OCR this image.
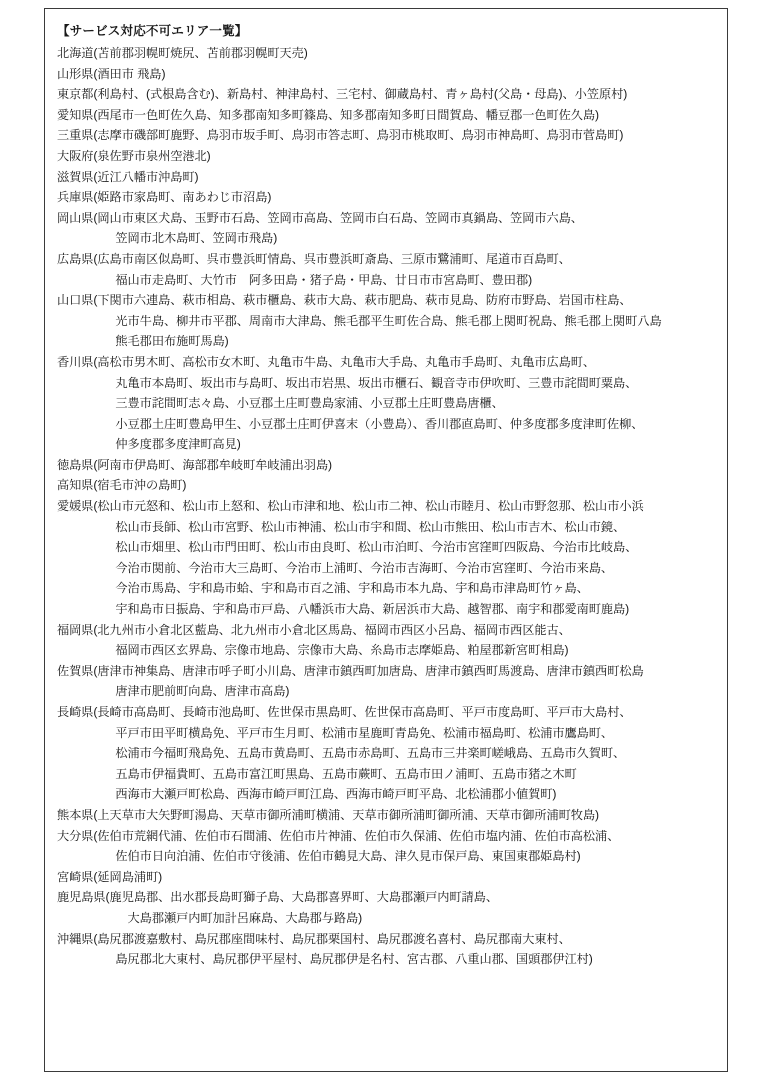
【サービス対応不可エリア一覧】
北海道(苫前郡羽幌町焼尻、苫前郡羽幌町天売)
山形県(酒田市 飛島)
東京都(利島村、(式根島含む)、新島村、神津島村、三宅村、御蔵島村、青ヶ島村(父島・母島)、小笠原村)
愛知県(西尾市一色町佐久島、知多郡南知多町篠島、知多郡南知多町日間賀島、幡豆郡一色町佐久島)
三重県(志摩市磯部町鹿野、鳥羽市坂手町、鳥羽市答志町、鳥羽市桃取町、鳥羽市神島町、鳥羽市菅島町)
大阪府(泉佐野市泉州空港北)
滋賀県(近江八幡市沖島町)
兵庫県(姫路市家島町、南あわじ市沼島)
岡山県(岡山市東区犬島、玉野市石島、笠岡市高島、笠岡市白石島、笠岡市真鍋島、笠岡市六島、
　　　笠岡市北木島町、笠岡市飛島)
広島県(広島市南区似島町、呉市豊浜町情島、呉市豊浜町斎島、三原市鷺浦町、尾道市百島町、
　　　福山市走島町、大竹市　阿多田島・猪子島・甲島、廿日市市宮島町、豊田郡)
山口県(下関市六連島、萩市相島、萩市櫃島、萩市大島、萩市肥島、萩市見島、防府市野島、岩国市柱島、
　　　光市牛島、柳井市平郡、周南市大津島、熊毛郡平生町佐合島、熊毛郡上関町祝島、熊毛郡上関町八島
　　　熊毛郡田布施町馬島)
香川県(高松市男木町、高松市女木町、丸亀市牛島、丸亀市大手島、丸亀市手島町、丸亀市広島町、
　　　丸亀市本島町、坂出市与島町、坂出市岩黒、坂出市櫃石、観音寺市伊吹町、三豊市詫間町粟島、
　　　三豊市詫間町志々島、小豆郡土庄町豊島家浦、小豆郡土庄町豊島唐櫃、
　　　小豆郡土庄町豊島甲生、小豆郡土庄町伊喜末（小豊島）、香川郡直島町、仲多度郡多度津町佐柳、
　　　仲多度郡多度津町高見)
徳島県(阿南市伊島町、海部郡牟岐町牟岐浦出羽島)
高知県(宿毛市沖の島町)
愛媛県(松山市元怒和、松山市上怒和、松山市津和地、松山市二神、松山市睦月、松山市野忽那、松山市小浜
　　　松山市長師、松山市宮野、松山市神浦、松山市宇和間、松山市熊田、松山市吉木、松山市鏡、
　　　松山市畑里、松山市門田町、松山市由良町、松山市泊町、今治市宮窪町四阪島、今治市比岐島、
　　　今治市関前、今治市大三島町、今治市上浦町、今治市吉海町、今治市宮窪町、今治市来島、
　　　今治市馬島、宇和島市蛤、宇和島市百之浦、宇和島市本九島、宇和島市津島町竹ヶ島、
　　　宇和島市日振島、宇和島市戸島、八幡浜市大島、新居浜市大島、越智郡、南宇和郡愛南町鹿島)
福岡県(北九州市小倉北区藍島、北九州市小倉北区馬島、福岡市西区小呂島、福岡市西区能古、
　　　福岡市西区玄界島、宗像市地島、宗像市大島、糸島市志摩姫島、粕屋郡新宮町相島)
佐賀県(唐津市神集島、唐津市呼子町小川島、唐津市鎮西町加唐島、唐津市鎮西町馬渡島、唐津市鎮西町松島
　　　唐津市肥前町向島、唐津市高島)
長崎県(長崎市高島町、長崎市池島町、佐世保市黒島町、佐世保市高島町、平戸市度島町、平戸市大島村、
　　　平戸市田平町横島免、平戸市生月町、松浦市星鹿町青島免、松浦市福島町、松浦市鷹島町、
　　　松浦市今福町飛島免、五島市黄島町、五島市赤島町、五島市三井楽町嵯峨島、五島市久賀町、
　　　五島市伊福貴町、五島市富江町黒島、五島市蕨町、五島市田ノ浦町、五島市猪之木町
　　　西海市大瀬戸町松島、西海市崎戸町江島、西海市崎戸町平島、北松浦郡小値賀町)
熊本県(上天草市大矢野町湯島、天草市御所浦町横浦、天草市御所浦町御所浦、天草市御所浦町牧島)
大分県(佐伯市荒網代浦、佐伯市石間浦、佐伯市片神浦、佐伯市久保浦、佐伯市塩内浦、佐伯市高松浦、
　　　佐伯市日向泊浦、佐伯市守後浦、佐伯市鶴見大島、津久見市保戸島、東国東郡姫島村)
宮崎県(延岡島浦町)
鹿児島県(鹿児島郡、出水郡長島町獅子島、大島郡喜界町、大島郡瀬戸内町請島、
　　　　大島郡瀬戸内町加計呂麻島、大島郡与路島)
沖縄県(島尻郡渡嘉敷村、島尻郡座間味村、島尻郡栗国村、島尻郡渡名喜村、島尻郡南大東村、
　　　島尻郡北大東村、島尻郡伊平屋村、島尻郡伊是名村、宮古郡、八重山郡、国頭郡伊江村)
